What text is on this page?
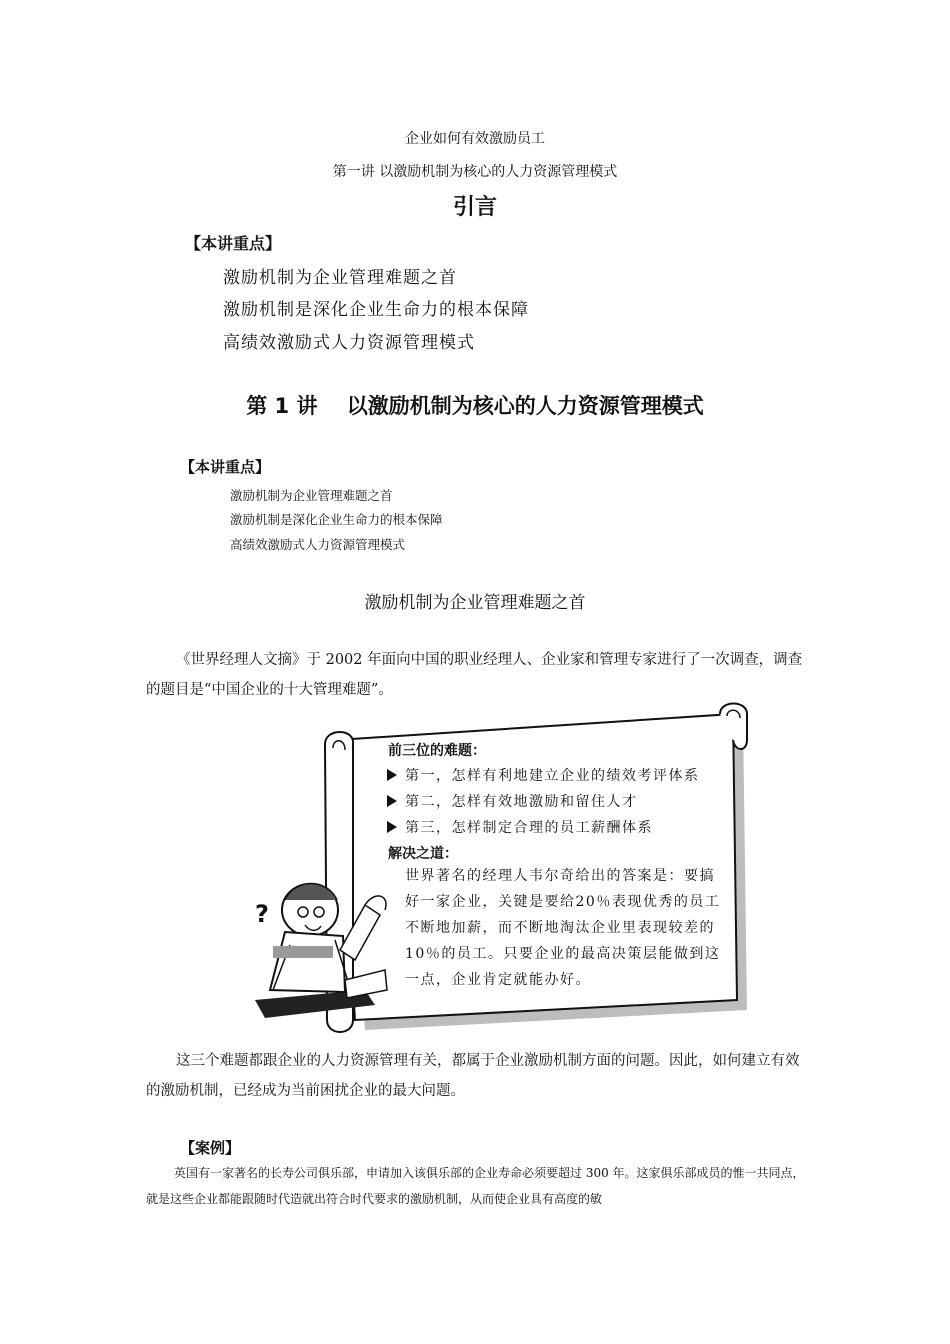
企业如何有效激励员工
第一讲 以激励机制为核心的人力资源管理模式
引言
【本讲重点】
激励机制为企业管理难题之首
激励机制是深化企业生命力的根本保障
高绩效激励式人力资源管理模式
第 1 讲    以激励机制为核心的人力资源管理模式
【本讲重点】
激励机制为企业管理难题之首
激励机制是深化企业生命力的根本保障
高绩效激励式人力资源管理模式
激励机制为企业管理难题之首
《世界经理人文摘》于 2002 年面向中国的职业经理人、企业家和管理专家进行了一次调查，调查的题目是“中国企业的十大管理难题”。
?
前三位的难题：
第一，怎样有利地建立企业的绩效考评体系
第二，怎样有效地激励和留住人才
第三，怎样制定合理的员工薪酬体系
解决之道：
世界著名的经理人韦尔奇给出的答案是：要搞好一家企业，关键是要给20％表现优秀的员工不断地加薪，而不断地淘汰企业里表现较差的10％的员工。只要企业的最高决策层能做到这一点，企业肯定就能办好。
这三个难题都跟企业的人力资源管理有关，都属于企业激励机制方面的问题。因此，如何建立有效的激励机制，已经成为当前困扰企业的最大问题。
【案例】
英国有一家著名的长寿公司俱乐部，申请加入该俱乐部的企业寿命必须要超过 300 年。这家俱乐部成员的惟一共同点，就是这些企业都能跟随时代造就出符合时代要求的激励机制，从而使企业具有高度的敏
